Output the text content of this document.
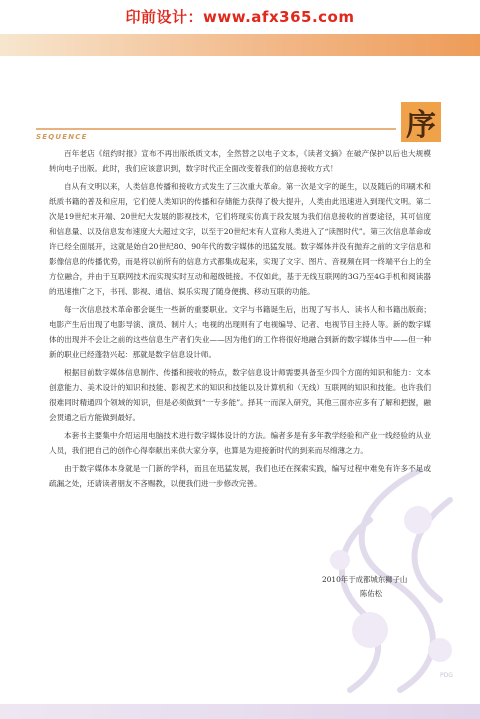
印前设计：www.afx365.com
序
SEQUENCE

百年老店《纽约时报》宣布不再出版纸质文本，全然替之以电子文本，《读者文摘》在破产保护以后也大规模转向电子出版。此时，我们应该意识到，数字时代正全面改变着我们的信息接收方式！

自从有文明以来，人类信息传播和接收方式发生了三次重大革命。第一次是文字的诞生，以及随后的印刷术和纸质书籍的普及和应用，它们使人类知识的传播和存储能力获得了极大提升，人类由此迅速进入到现代文明。第二次是19世纪末开端、20世纪大发展的影视技术，它们将现实仿真于段发展为我们信息接收的首要途径，其可信度和信息量、以及信息发布速度大大超过文字，以至于20世纪末有人宣称人类进入了“读图时代”。第三次信息革命或许已经全面展开，这就是始自20世纪80、90年代的数字媒体的迅猛发展。数字媒体并没有抛弃之前的文字信息和影像信息的传播优势，而是将以前所有的信息方式都集成起来，实现了文字、图片、音视频在同一终端平台上的全方位融合，并由于互联网技术而实现实时互动和超级链接。不仅如此，基于无线互联网的3G乃至4G手机和阅读器的迅速推广之下，书刊、影视、通信、娱乐实现了随身便携、移动互联的功能。

每一次信息技术革命都会诞生一些新的重要职业。文字与书籍诞生后，出现了写书人、读书人和书籍出版商；电影产生后出现了电影导演、演员、制片人；电视的出现则有了电视编导、记者、电视节目主持人等。新的数字媒体的出现并不会让之前的这些信息生产者们失业——因为他们的工作将很好地融合到新的数字媒体当中——但一种新的职业已经蓬勃兴起：那就是数字信息设计师。

根据目前数字媒体信息制作、传播和接收的特点，数字信息设计师需要具备至少四个方面的知识和能力：文本创意能力、美术设计的知识和技能、影视艺术的知识和技能以及计算机和（无线）互联网的知识和技能。也许我们很难同时精通四个领域的知识，但是必须做到“一专多能”。择其一而深入研究，其他三面亦应多有了解和把握，融会贯通之后方能做到最好。

本套书主要集中介绍运用电脑技术进行数字媒体设计的方法。编者多是有多年教学经验和产业一线经验的从业人员，我们把自己的创作心得奉献出来供大家分享，也算是为迎接新时代的到来而尽绵薄之力。

由于数字媒体本身就是一门新的学科，而且在迅猛发展，我们也还在探索实践，编写过程中难免有许多不足或疏漏之处，还请读者朋友不吝赐教，以便我们进一步修改完善。

2010年于成都城东狮子山
陈佑松
PDG
